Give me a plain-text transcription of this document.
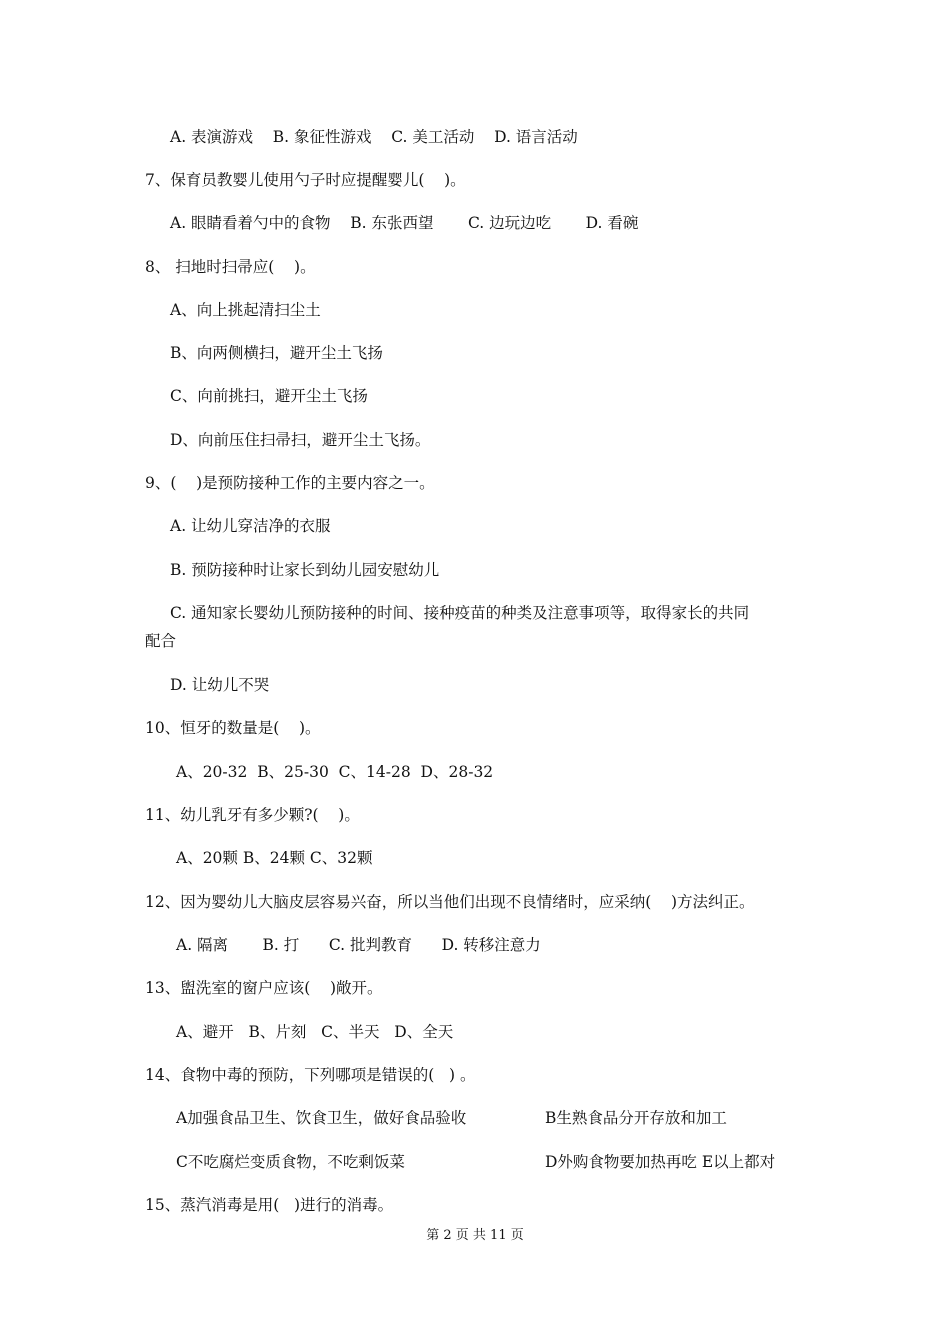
A. 表演游戏    B. 象征性游戏    C. 美工活动    D. 语言活动

7、保育员教婴儿使用勺子时应提醒婴儿(    )。

A. 眼睛看着勺中的食物    B. 东张西望       C. 边玩边吃       D. 看碗

8、 扫地时扫帚应(    )。

A、向上挑起清扫尘土

B、向两侧横扫，避开尘土飞扬

C、向前挑扫，避开尘土飞扬

D、向前压住扫帚扫，避开尘土飞扬。

9、(    )是预防接种工作的主要内容之一。

A. 让幼儿穿洁净的衣服

B. 预防接种时让家长到幼儿园安慰幼儿

C. 通知家长婴幼儿预防接种的时间、接种疫苗的种类及注意事项等，取得家长的共同

配合

D. 让幼儿不哭

10、恒牙的数量是(    )。

A、20-32  B、25-30  C、14-28  D、28-32

11、幼儿乳牙有多少颗?(    )。

A、20颗 B、24颗 C、32颗

12、因为婴幼儿大脑皮层容易兴奋，所以当他们出现不良情绪时，应采纳(    )方法纠正。

A. 隔离       B. 打      C. 批判教育      D. 转移注意力

13、盥洗室的窗户应该(    )敞开。

A、避开   B、片刻   C、半天   D、全天

14、食物中毒的预防，下列哪项是错误的(   ) 。

A加强食品卫生、饮食卫生，做好食品验收	B生熟食品分开存放和加工

C不吃腐烂变质食物，不吃剩饭菜	D外购食物要加热再吃 E以上都对

15、蒸汽消毒是用(   )进行的消毒。

第 2 页 共 11 页
